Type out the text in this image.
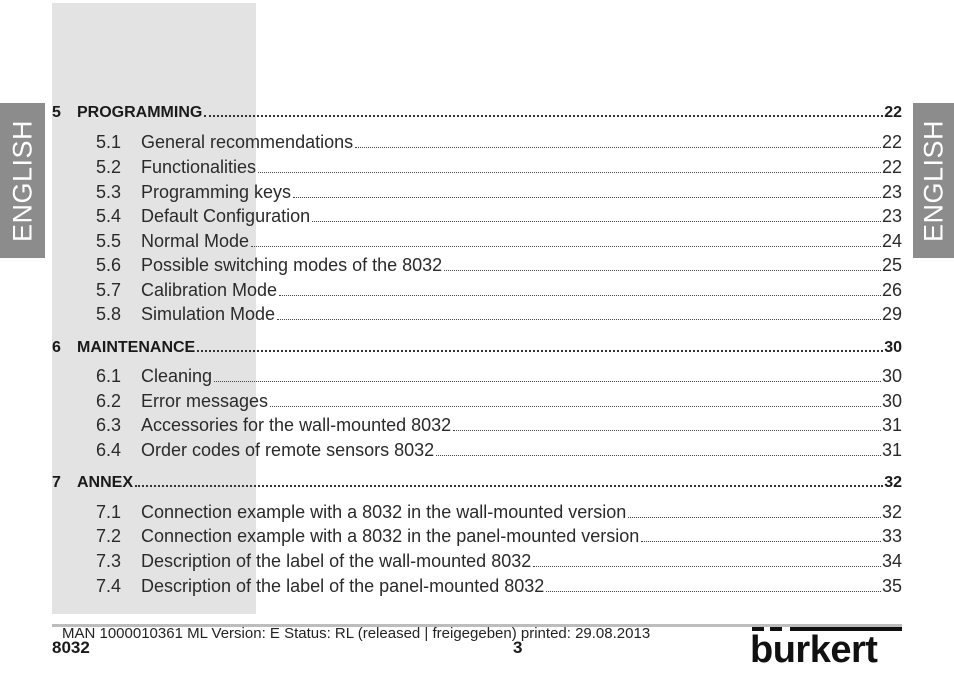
ENGLISH	ENGLISH
5	PROGRAMMING	22
5.1	General recommendations	22
5.2	Functionalities	22
5.3	Programming keys	23
5.4	Default Configuration	23
5.5	Normal Mode	24
5.6	Possible switching modes of the 8032	25
5.7	Calibration Mode	26
5.8	Simulation Mode	29
6	MAINTENANCE	30
6.1	Cleaning	30
6.2	Error messages	30
6.3	Accessories for the wall-mounted 8032	31
6.4	Order codes of remote sensors 8032	31
7	ANNEX	32
7.1	Connection example with a 8032 in the wall-mounted version	32
7.2	Connection example with a 8032 in the panel-mounted version	33
7.3	Description of the label of the wall-mounted 8032	34
7.4	Description of the label of the panel-mounted 8032	35
MAN 1000010361 ML Version: E Status: RL (released | freigegeben) printed: 29.08.2013
8032	3	burkert
